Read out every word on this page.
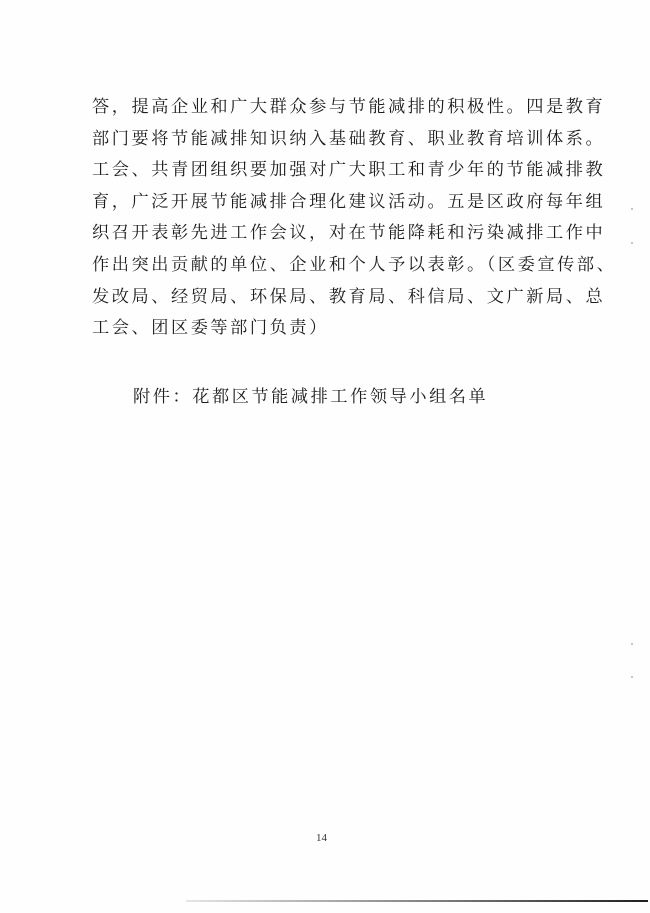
答，提高企业和广大群众参与节能减排的积极性。四是教育
部门要将节能减排知识纳入基础教育、职业教育培训体系。
工会、共青团组织要加强对广大职工和青少年的节能减排教
育，广泛开展节能减排合理化建议活动。五是区政府每年组
织召开表彰先进工作会议，对在节能降耗和污染减排工作中
作出突出贡献的单位、企业和个人予以表彰。（区委宣传部、
发改局、经贸局、环保局、教育局、科信局、文广新局、总
工会、团区委等部门负责）
附件：花都区节能减排工作领导小组名单
14
